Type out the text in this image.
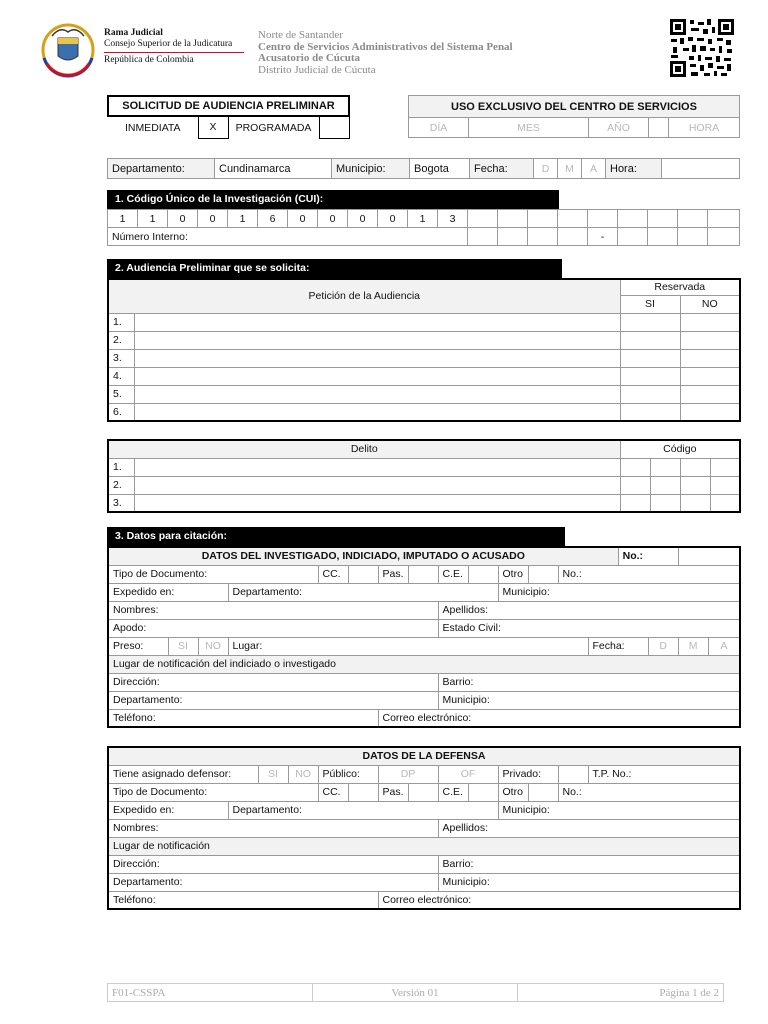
Rama Judicial
Consejo Superior de la Judicatura
República de Colombia
Norte de Santander
Centro de Servicios Administrativos del Sistema Penal
Acusatorio de Cúcuta
Distrito Judicial de Cúcuta
SOLICITUD DE AUDIENCIA PRELIMINAR
INMEDIATA	X	PROGRAMADA	
USO EXCLUSIVO DEL CENTRO DE SERVICIOS
DÍA	MES	AÑO		HORA
Departamento:	Cundinamarca	Municipio:	Bogota	Fecha:	D	M	A	Hora:	
1. Código Único de la Investigación (CUI):
1	1	0	0	1	6	0	0	0	0	1	3									
Número Interno:																-				
2. Audiencia Preliminar que se solicita:
Petición de la Audiencia		Reservada	
		SI	NO
1.			
2.			
3.			
4.			
5.			
6.			
Delito		Código			
1.					
2.					
3.					
3. Datos para citación:
DATOS DEL INVESTIGADO, INDICIADO, IMPUTADO O ACUSADO														No.:			
Tipo de Documento:				CC.		Pas.		C.E.		Otro		No.:					
Expedido en:			Departamento:							Municipio:							
Nombres:								Apellidos:									
Apodo:								Estado Civil:									
Preso:	SI	NO	Lugar:										Fecha:		D	M	A
Lugar de notificación del indiciado o investigado																	
Dirección:								Barrio:									
Departamento:								Municipio:									
Teléfono:						Correo electrónico:											
DATOS DE LA DEFENSA													
Tiene asignado defensor:		SI	NO	Público:		DP		OF		Privado:			T.P. No.:
Tipo de Documento:				CC.		Pas.		C.E.		Otro		No.:	
Expedido en:	Departamento:									Municipio:			
Nombres:								Apellidos:					
Lugar de notificación													
Dirección:								Barrio:					
Departamento:								Municipio:					
Teléfono:						Correo electrónico:							
F01-CSSPA	Versión 01	Página 1 de 2
